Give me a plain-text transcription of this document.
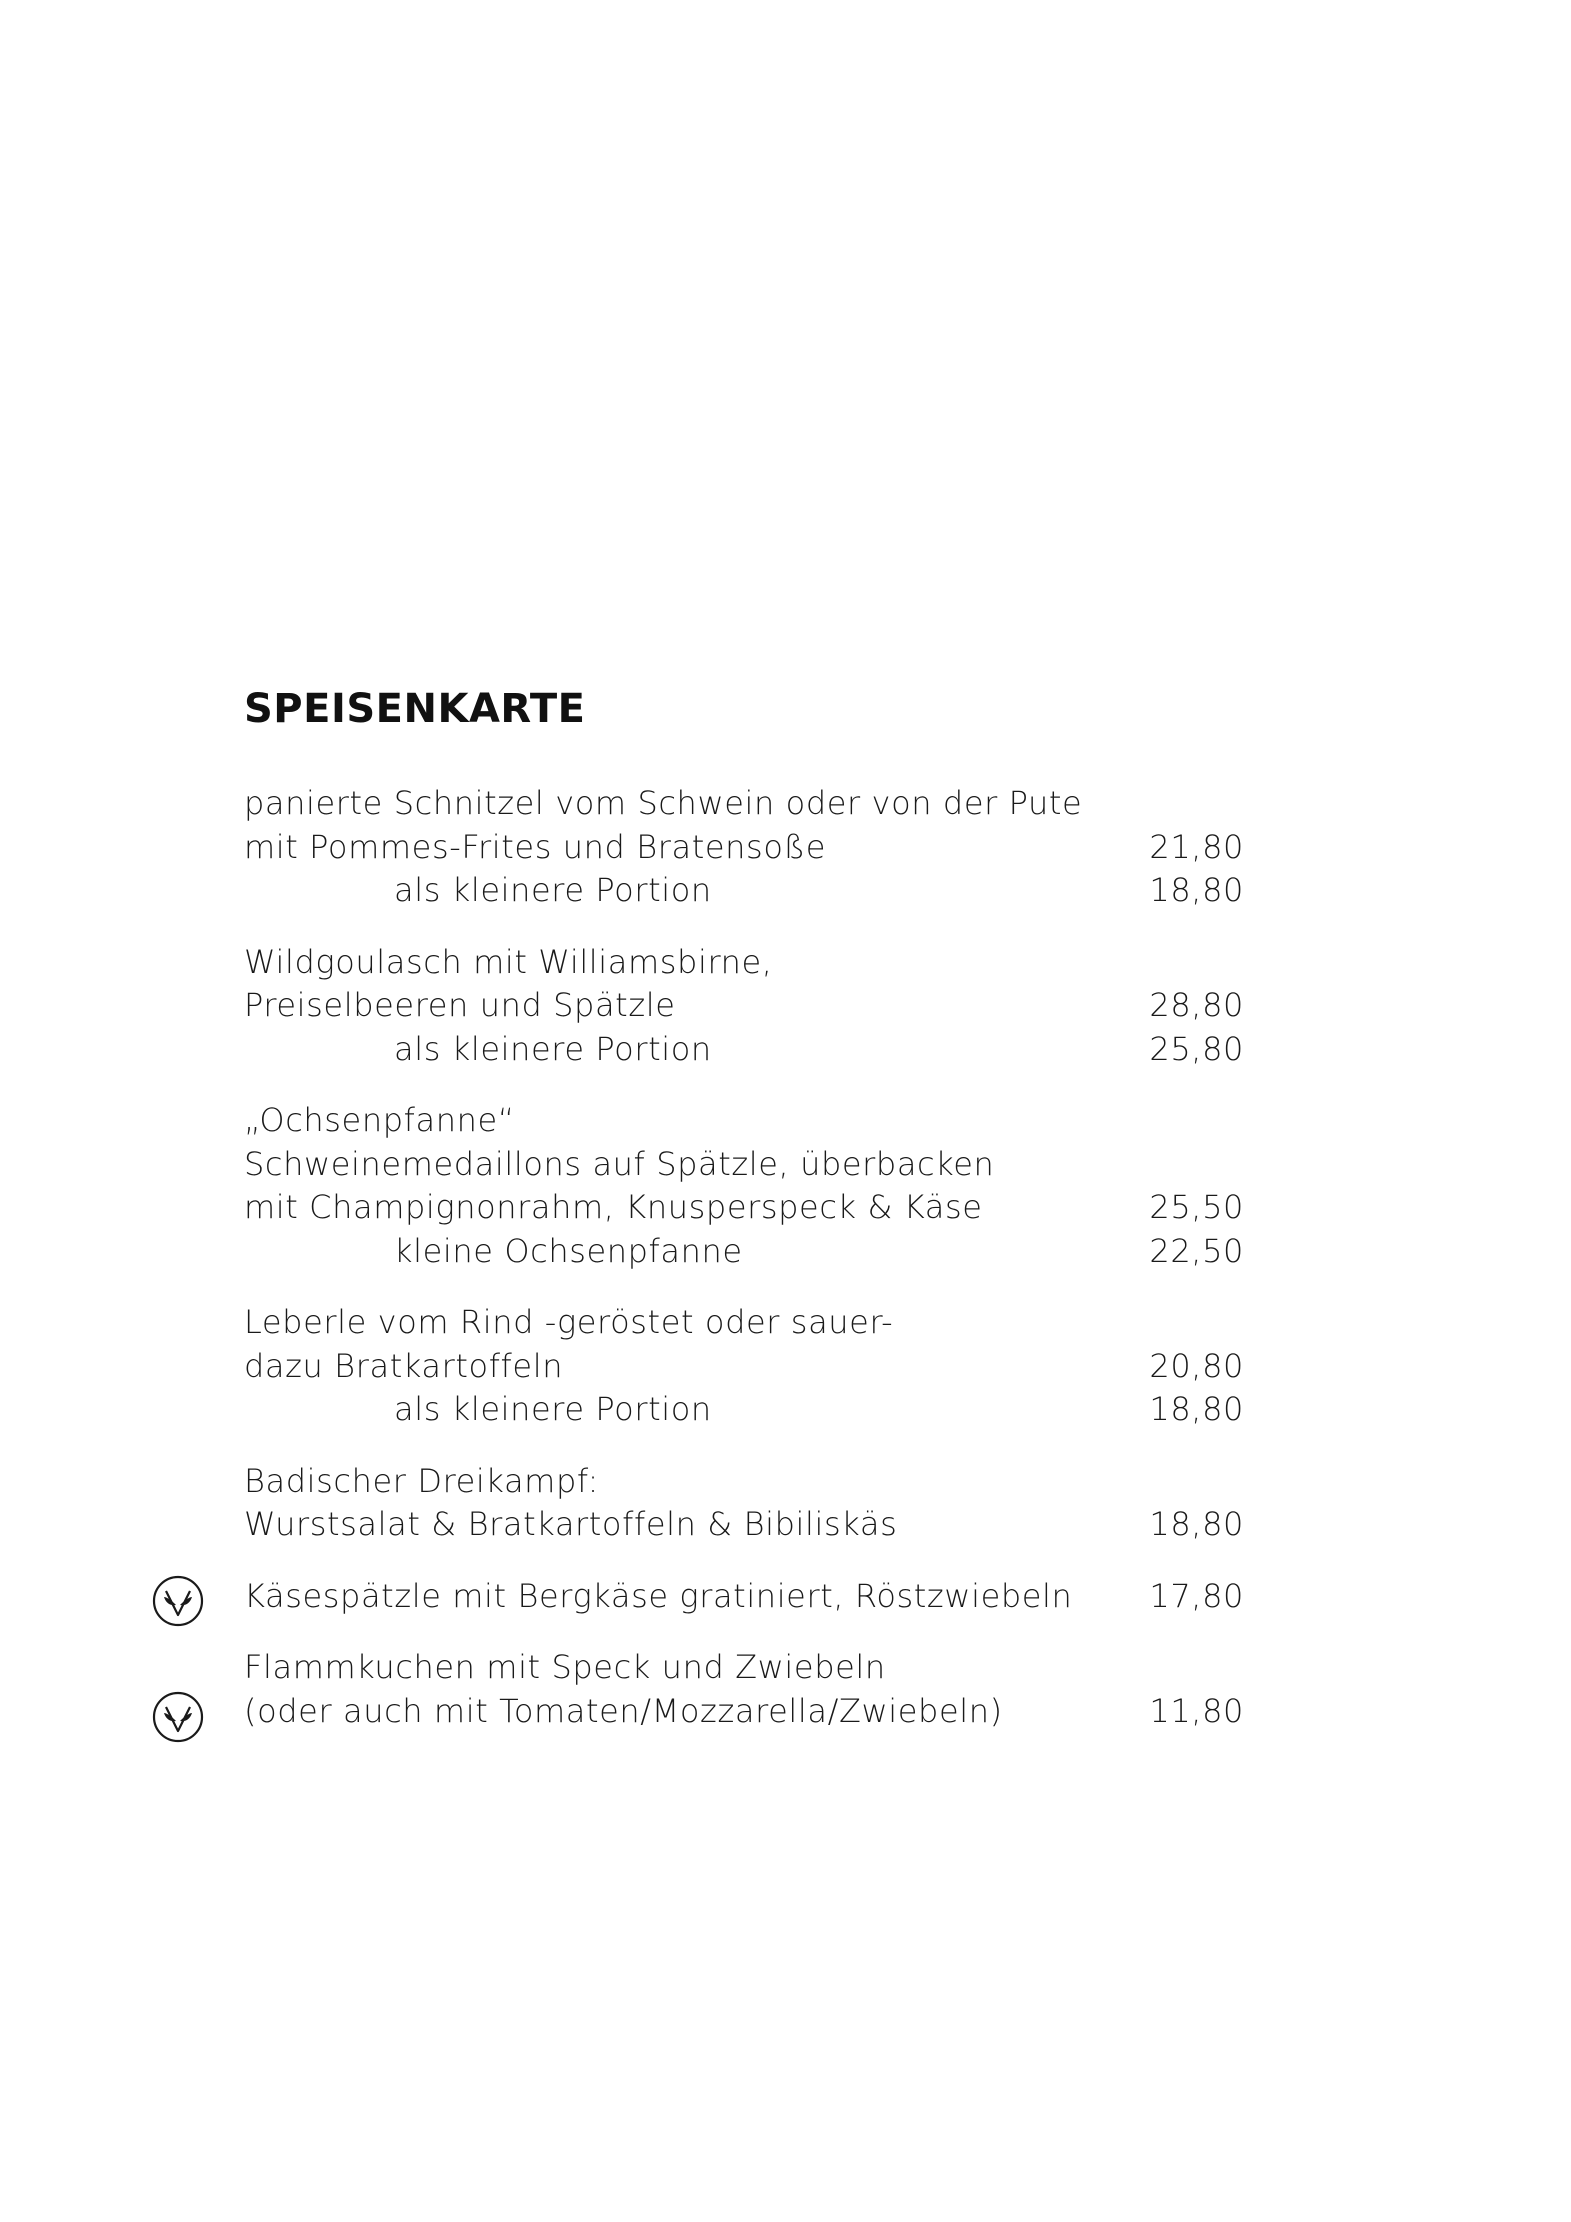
SPEISENKARTE
panierte Schnitzel vom Schwein oder von der Pute
mit Pommes-Frites und Bratensoße	21,80
als kleinere Portion	18,80
Wildgoulasch mit Williamsbirne,
Preiselbeeren und Spätzle	28,80
als kleinere Portion	25,80
„Ochsenpfanne“
Schweinemedaillons auf Spätzle, überbacken
mit Champignonrahm, Knusperspeck & Käse	25,50
kleine Ochsenpfanne	22,50
Leberle vom Rind -geröstet oder sauer-
dazu Bratkartoffeln	20,80
als kleinere Portion	18,80
Badischer Dreikampf:
Wurstsalat & Bratkartoffeln & Bibiliskäs	18,80
Käsespätzle mit Bergkäse gratiniert, Röstzwiebeln	17,80
Flammkuchen mit Speck und Zwiebeln
(oder auch mit Tomaten/Mozzarella/Zwiebeln)	11,80
